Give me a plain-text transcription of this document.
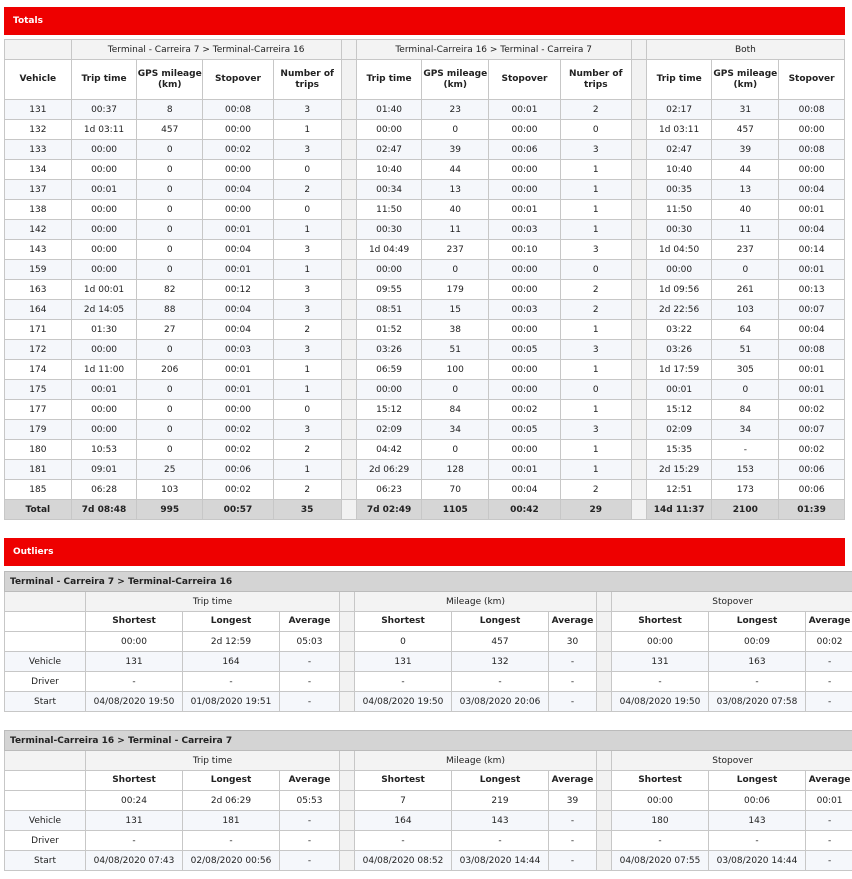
Totals
	Terminal - Carreira 7 > Terminal-Carreira 16					Terminal-Carreira 16 > Terminal - Carreira 7					Both		
Vehicle	Trip time	GPS mileage (km)	Stopover	Number of trips		Trip time	GPS mileage (km)	Stopover	Number of trips		Trip time	GPS mileage (km)	Stopover
131	00:37	8	00:08	3		01:40	23	00:01	2		02:17	31	00:08
132	1d 03:11	457	00:00	1		00:00	0	00:00	0		1d 03:11	457	00:00
133	00:00	0	00:02	3		02:47	39	00:06	3		02:47	39	00:08
134	00:00	0	00:00	0		10:40	44	00:00	1		10:40	44	00:00
137	00:01	0	00:04	2		00:34	13	00:00	1		00:35	13	00:04
138	00:00	0	00:00	0		11:50	40	00:01	1		11:50	40	00:01
142	00:00	0	00:01	1		00:30	11	00:03	1		00:30	11	00:04
143	00:00	0	00:04	3		1d 04:49	237	00:10	3		1d 04:50	237	00:14
159	00:00	0	00:01	1		00:00	0	00:00	0		00:00	0	00:01
163	1d 00:01	82	00:12	3		09:55	179	00:00	2		1d 09:56	261	00:13
164	2d 14:05	88	00:04	3		08:51	15	00:03	2		2d 22:56	103	00:07
171	01:30	27	00:04	2		01:52	38	00:00	1		03:22	64	00:04
172	00:00	0	00:03	3		03:26	51	00:05	3		03:26	51	00:08
174	1d 11:00	206	00:01	1		06:59	100	00:00	1		1d 17:59	305	00:01
175	00:01	0	00:01	1		00:00	0	00:00	0		00:01	0	00:01
177	00:00	0	00:00	0		15:12	84	00:02	1		15:12	84	00:02
179	00:00	0	00:02	3		02:09	34	00:05	3		02:09	34	00:07
180	10:53	0	00:02	2		04:42	0	00:00	1		15:35	-	00:02
181	09:01	25	00:06	1		2d 06:29	128	00:01	1		2d 15:29	153	00:06
185	06:28	103	00:02	2		06:23	70	00:04	2		12:51	173	00:06
Total	7d 08:48	995	00:57	35		7d 02:49	1105	00:42	29		14d 11:37	2100	01:39
Outliers
Terminal - Carreira 7 > Terminal-Carreira 16											
	Trip time				Mileage (km)				Stopover		
	Shortest	Longest	Average		Shortest	Longest	Average		Shortest	Longest	Average
	00:00	2d 12:59	05:03		0	457	30		00:00	00:09	00:02
Vehicle	131	164	-		131	132	-		131	163	-
Driver	-	-	-		-	-	-		-	-	-
Start	04/08/2020 19:50	01/08/2020 19:51	-		04/08/2020 19:50	03/08/2020 20:06	-		04/08/2020 19:50	03/08/2020 07:58	-
Terminal-Carreira 16 > Terminal - Carreira 7											
	Trip time				Mileage (km)				Stopover		
	Shortest	Longest	Average		Shortest	Longest	Average		Shortest	Longest	Average
	00:24	2d 06:29	05:53		7	219	39		00:00	00:06	00:01
Vehicle	131	181	-		164	143	-		180	143	-
Driver	-	-	-		-	-	-		-	-	-
Start	04/08/2020 07:43	02/08/2020 00:56	-		04/08/2020 08:52	03/08/2020 14:44	-		04/08/2020 07:55	03/08/2020 14:44	-
